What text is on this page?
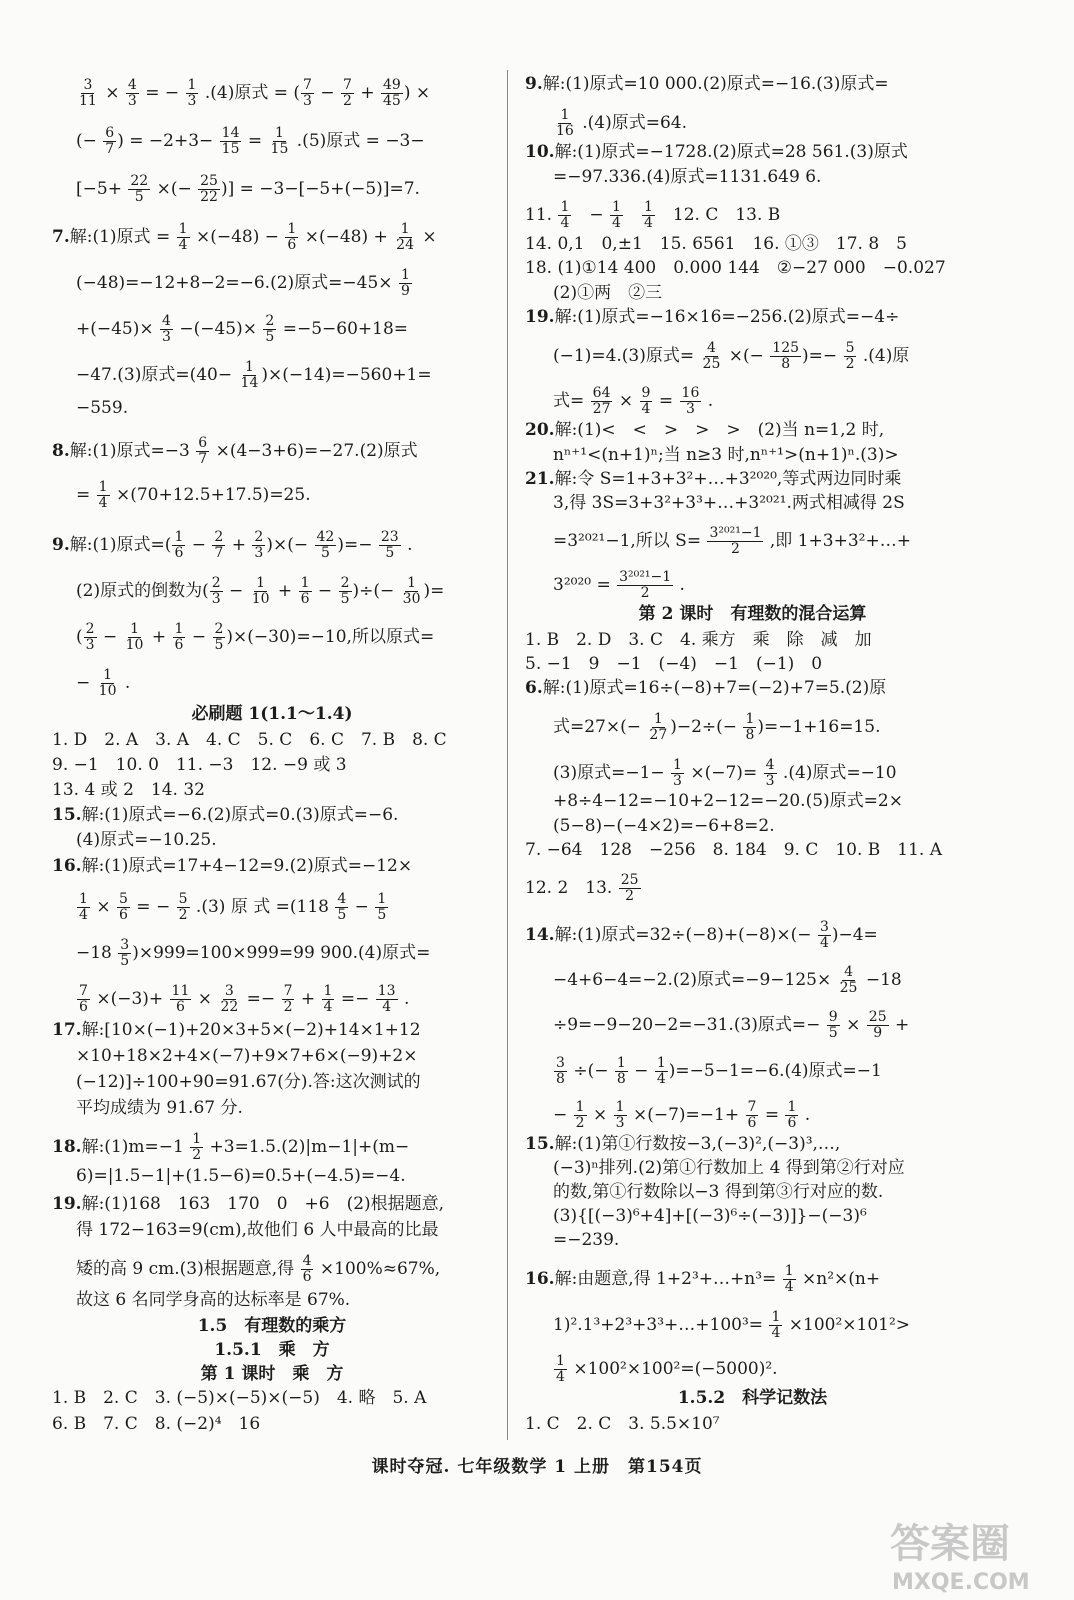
$\frac{3}{11} \times \frac{4}{3}$ = − $\frac{1}{3} .(4)$原式 = ( $\frac{7}{3} - \frac{7}{2} + \frac{49}{45}$ ) ×
(− $\frac{6}{7}$ ) = $-2+3- \frac{14}{15} = \frac{1}{15} .(5)$原式 = −3−
[$-5+ \frac{22}{5}$ ×(− $\frac{25}{22}$ )] = −3−[−5+(−5)]=7.
7.解:(1)原式 = $\frac{1}{4} \times(-48) - \frac{1}{6} \times(-48) + \frac{1}{24}$ ×
(−48)=−12+8−2=−6.(2)原式$=-45\times \frac{1}{9}$
$+(-45)\times \frac{4}{3} -(-45)\times \frac{2}{5} =-5-60+18=$
−47.(3)原式$=(40- \frac{1}{14} )\times(-14)=-560+1=$
−559.
8.解:(1)原式$=-3 \frac{6}{7} \times(4-3+6)=-27.(2)$原式
= $\frac{1}{4} \times(70+12.5+17.5)=25$.
9.解:(1)原式=( $\frac{1}{6} - \frac{2}{7} + \frac{2}{3}$ )×(− $\frac{42}{5}$ )=− $\frac{23}{5}$ .
(2)原式的倒数为( $\frac{2}{3} - \frac{1}{10} + \frac{1}{6} - \frac{2}{5}$ )÷(− $\frac{1}{30}$ )=
( $\frac{2}{3} - \frac{1}{10} + \frac{1}{6} - \frac{2}{5} )\times(-30)=-10$,所以原式=
− $\frac{1}{10}$ .
必刷题 1(1.1～1.4)
1. D　2. A　3. A　4. C　5. C　6. C　7. B　8. C
9. −1　10. 0　11. −3　12. −9 或 3
13. 4 或 2　14. 32
15.解:(1)原式=−6.(2)原式=0.(3)原式=−6.
(4)原式=−10.25.
16.解:(1)原式=17+4−12=9.(2)原式=−12×
$\frac{1}{4} \times \frac{5}{6}$ = − $\frac{5}{2} .(3)$ 原 式 $=(118 \frac{4}{5} - \frac{1}{5}$
$-18 \frac{3}{5} )\times 999=100\times 999=99$ 900.(4)原式=
$\frac{7}{6} \times(-3)+ \frac{11}{6} \times \frac{3}{22} =- \frac{7}{2} + \frac{1}{4} =- \frac{13}{4}$ .
17.解:[10×(−1)+20×3+5×(−2)+14×1+12
×10+18×2+4×(−7)+9×7+6×(−9)+2×
(−12)]÷100+90=91.67(分).答:这次测试的
平均成绩为 91.67 分.
18.解:(1)m=−1 $\frac{1}{2} +3=1.5.(2)|m-1|+(m-$
6)=|1.5−1|+(1.5−6)=0.5+(−4.5)=−4.
19.解:(1)168　163　170　0　+6　(2)根据题意,
得 172−163=9(cm),故他们 6 人中最高的比最
矮的高 9 cm.(3)根据题意,得 $\frac{4}{6} \times 100\%\approx 67\%$,
故这 6 名同学身高的达标率是 67%.
1.5　有理数的乘方
1.5.1　乘　方
第 1 课时　乘　方
1. B　2. C　3. (−5)×(−5)×(−5)　4. 略　5. A
6. B　7. C　8. (−2)⁴　16
9.解:(1)原式=10 000.(2)原式=−16.(3)原式=
$\frac{1}{16} .(4)$原式=64.
10.解:(1)原式=−1728.(2)原式=28 561.(3)原式
=−97.336.(4)原式=1131.649 6.
11. $\frac{1}{4}$ 　− $\frac{1}{4}$
　 $\frac{1}{4}$ 　12. C　13. B
14. 0,1　0,±1　15. 6561　16. ①③　17. 8　5
18. (1)①14 400　0.000 144　②−27 000　−0.027
(2)①两　②三
19.解:(1)原式=−16×16=−256.(2)原式=−4÷
(−1)=4.(3)原式= $\frac{4}{25}$ ×(− $\frac{125}{8}$ )=− $\frac{5}{2} .(4)$原
式= $\frac{64}{27} \times \frac{9}{4} = \frac{16}{3}$ .
20.解:(1)<　<　>　>　>　(2)当 n=1,2 时,
nⁿ⁺¹<(n+1)ⁿ;当 n≥3 时,nⁿ⁺¹>(n+1)ⁿ.(3)>
21.解:令 S=1+3+3²+…+3²⁰²⁰,等式两边同时乘
3,得 3S=3+3²+3³+…+3²⁰²¹.两式相减得 2S
=3²⁰²¹−1,所以 $S= \frac{\text{3²⁰²¹−1}}{2}$ ,即 1+3+3²+…+
$3^{2020} = \frac{\text{3²⁰²¹−1}}{2}$ .
第 2 课时　有理数的混合运算
1. B　2. D　3. C　4. 乘方　乘　除　减　加
5. −1　9　−1　(−4)　−1　(−1)　0
6.解:(1)原式=16÷(−8)+7=(−2)+7=5.(2)原
式$=27\times(- \frac{1}{27} )-2\div(- \frac{1}{8} )=-1+16=15$.
(3)原式$=-1- \frac{1}{3} \times(-7)= \frac{4}{3} .(4)$原式=−10
+8÷4−12=−10+2−12=−20.(5)原式=2×
(5−8)−(−4×2)=−6+8=2.
7. −64　128　−256　8. 184　9. C　10. B　11. A
12. 2　13. $\frac{25}{2}$
14.解:(1)原式$=32\div(-8)+(-8)\times(- \frac{3}{4} )-4=$
−4+6−4=−2.(2)原式$=-9-125\times \frac{4}{25} -18$
÷9=−9−20−2=−31.(3)原式=− $\frac{9}{5} \times \frac{25}{9}$ +
$\frac{3}{8}$ ÷(− $\frac{1}{8} - \frac{1}{4} )=-5-1=-6.(4)$原式=−1
− $\frac{1}{2} \times \frac{1}{3} \times(-7)=-1+ \frac{7}{6} = \frac{1}{6}$ .
15.解:(1)第①行数按−3,(−3)²,(−3)³,…,
(−3)ⁿ排列.(2)第①行数加上 4 得到第②行对应
的数,第①行数除以−3 得到第③行对应的数.
(3){[(−3)⁶+4]+[(−3)⁶÷(−3)]}−(−3)⁶
=−239.
16.解:由题意,得 1+2³+…+n³= $\frac{1}{4} \times n^2\times(n+$
1)².1³+2³+3³+…+100³= $\frac{1}{4} \times 100^2\times 101^2>$
$\frac{1}{4} \times 100^2\times 100^2=(-5000)^2$.
1.5.2　科学记数法
1. C　2. C　3. 5.5×10⁷
课时夺冠. 七年级数学 1 上册　第154页
答案圈
MXQE.COM
